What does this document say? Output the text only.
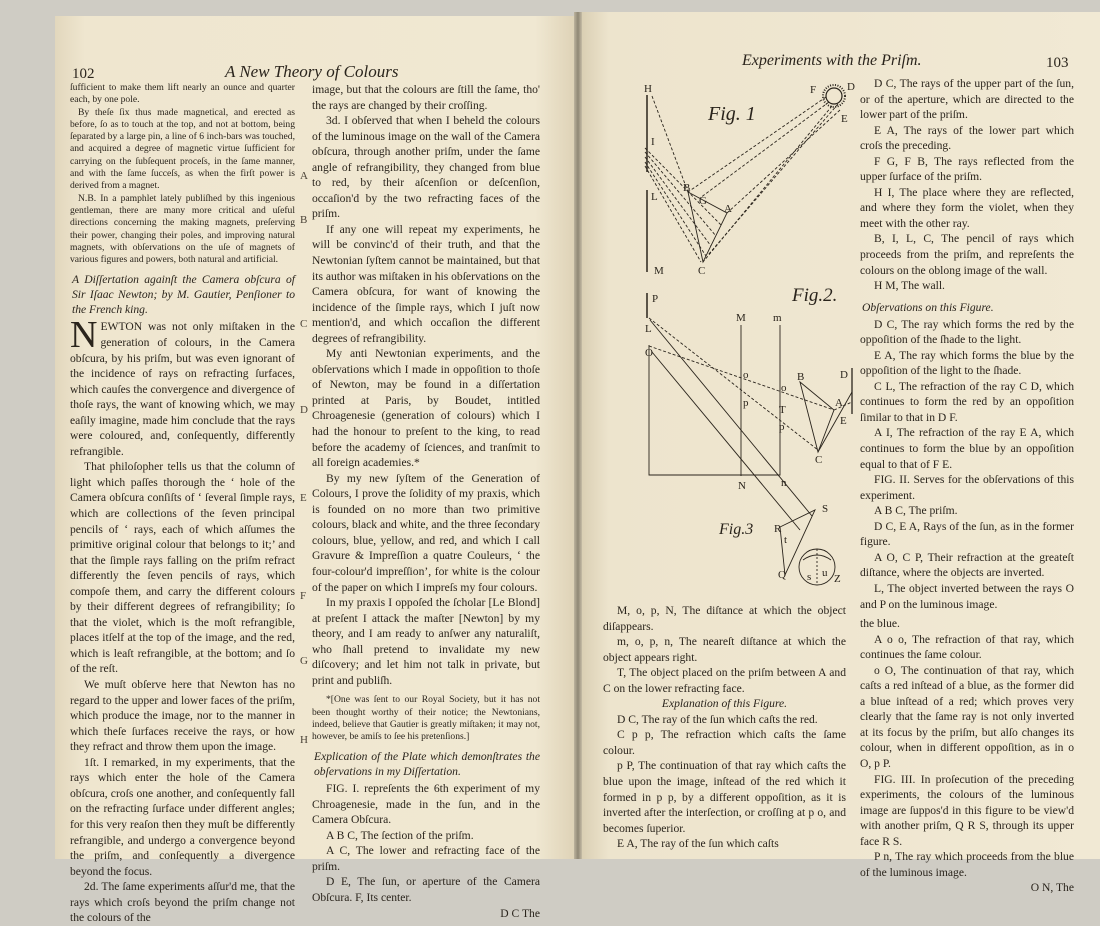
102	A New Theory of Colours
Experiments with the Priſm.	103

ſufficient to make them lift nearly an ounce and quarter each, by one pole.

By theſe ſix thus made magnetical, and erected as before, ſo as to touch at the top, and not at bottom, being ſeparated by a large pin, a line of 6 inch-bars was touched, and acquired a degree of magnetic virtue ſufficient for carrying on the ſubſequent proceſs, in the ſame manner, and with the ſame ſucceſs, as when the firſt power is derived from a magnet.

N.B. In a pamphlet lately publiſhed by this ingenious gentleman, there are many more critical and uſeful directions concerning the making magnets, preſerving their power, changing their poles, and improving natural magnets, with obſervations on the uſe of magnets of various figures and powers, both natural and artificial.

A Diſſertation againſt the Camera obſcura of Sir Iſaac Newton; by M. Gautier, Penſioner to the French king.

NEWTON was not only miſtaken in the generation of colours, in the Camera obſcura, by his priſm, but was even ignorant of the incidence of rays on refracting ſurfaces, which cauſes the convergence and divergence of thoſe rays, the want of knowing which, we may eaſily imagine, made him conclude that the rays were coloured, and, conſequently, differently refrangible.

That philoſopher tells us that the column of light which paſſes thorough the ‘ hole of the Camera obſcura conſiſts of ‘ ſeveral ſimple rays, which are collections of the ſeven principal pencils of ‘ rays, each of which aſſumes the primitive original colour that belongs to it;’ and that the ſimple rays falling on the priſm refract differently the ſeven pencils of rays, which compoſe them, and carry the different colours by their different degrees of refrangibility; ſo that the violet, which is the moſt refrangible, places itſelf at the top of the image, and the red, which is leaſt refrangible, at the bottom; and ſo of the reſt.

We muſt obſerve here that Newton has no regard to the upper and lower faces of the priſm, which produce the image, nor to the manner in which theſe ſurfaces receive the rays, or how they refract and throw them upon the image.

1ſt. I remarked, in my experiments, that the rays which enter the hole of the Camera obſcura, croſs one another, and conſequently fall on the refracting ſurface under different angles; for this very reaſon then they muſt be differently refrangible, and undergo a convergence beyond the priſm, and conſequently a divergence beyond the focus.

2d. The ſame experiments aſſur'd me, that the rays which croſs beyond the priſm change not the colours of the

image, but that the colours are ſtill the ſame, tho' the rays are changed by their croſſing.

3d. I obſerved that when I beheld the colours of the luminous image on the wall of the Camera obſcura, through another priſm, under the ſame angle of refrangibility, they changed from blue to red, by their aſcenſion or deſcenſion, occaſion'd by the two refracting faces of the priſm.

If any one will repeat my experiments, he will be convinc'd of their truth, and that the Newtonian ſyſtem cannot be maintained, but that its author was miſtaken in his obſervations on the Camera obſcura, for want of knowing the incidence of the ſimple rays, which I juſt now mention'd, and which occaſion the different degrees of refrangibility.

My anti Newtonian experiments, and the obſervations which I made in oppoſition to thoſe of Newton, may be found in a diſſertation printed at Paris, by Boudet, intitled Chroagenesie (generation of colours) which I had the honour to preſent to the king, to read before the academy of ſciences, and tranſmit to all foreign academies.*

By my new ſyſtem of the Generation of Colours, I prove the ſolidity of my praxis, which is founded on no more than two primitive colours, black and white, and the three ſecondary colours, blue, yellow, and red, and which I call Gravure & Impreſſion a quatre Couleurs, ‘ the four-colour'd impreſſion’, for white is the colour of the paper on which I impreſs my four colours.

In my praxis I oppoſed the ſcholar [Le Blond] at preſent I attack the maſter [Newton] by my theory, and I am ready to anſwer any naturaliſt, who ſhall pretend to invalidate my new diſcovery; and let him not talk in private, but print and publiſh.

*[One was ſent to our Royal Society, but it has not been thought worthy of their notice; the Newtonians, indeed, believe that Gautier is greatly miſtaken; it may not, however, be amiſs to ſee his pretenſions.]

Explication of the Plate which demonſtrates the obſervations in my Diſſertation.

FIG. I. repreſents the 6th experiment of my Chroagenesie, made in the ſun, and in the Camera Obſcura.

A B C, The ſection of the priſm.

A C, The lower and refracting face of the priſm.

D E, The ſun, or aperture of the Camera Obſcura. F, Its center.

D C The

D C, The rays of the upper part of the ſun, or of the aperture, which are directed to the lower part of the priſm.

E A, The rays of the lower part which croſs the preceding.

F G, F B, The rays reflected from the upper ſurface of the priſm.

H I, The place where they are reflected, and where they form the violet, when they meet with the other ray.

B, I, L, C, The pencil of rays which proceeds from the priſm, and repreſents the colours on the oblong image of the wall.

H M, The wall.

Obſervations on this Figure.

D C, The ray which forms the red by the oppoſition of the ſhade to the light.

E A, The ray which forms the blue by the oppoſition of the light to the ſhade.

C L, The refraction of the ray C D, which continues to form the red by an oppoſition ſimilar to that in D F.

A I, The refraction of the ray E A, which continues to form the blue by an oppoſition equal to that of F E.

FIG. II. Serves for the obſervations of this experiment.

A B C, The priſm.

D C, E A, Rays of the ſun, as in the former figure.

A O, C P, Their refraction at the greateſt diſtance, where the objects are inverted.

L, The object inverted between the rays O and P on the luminous image.

the blue.

A o o, The refraction of that ray, which continues the ſame colour.

o O, The continuation of that ray, which caſts a red inſtead of a blue, as the former did a blue inſtead of a red; which proves very clearly that the ſame ray is not only inverted at its focus by the priſm, but alſo changes its colour, when in different oppoſition, as in o O, p P.

FIG. III. In proſecution of the preceding experiments, the colours of the luminous image are ſuppos'd in this figure to be view'd with another priſm, Q R S, through its upper face R S.

P n, The ray which proceeds from the blue of the luminous image.

O N, The

M, o, p, N, The diſtance at which the object diſappears.

m, o, p, n, The neareſt diſtance at which the object appears right.

T, The object placed on the priſm between A and C on the lower refracting face.

Explanation of this Figure.

D C, The ray of the ſun which caſts the red.

C p p, The refraction which caſts the ſame colour.

p P, The continuation of that ray which caſts the blue upon the image, inſtead of the red which it formed in p p, by a different oppoſition, as it is inverted after the interſection, or croſſing at p o, and becomes ſuperior.

E A, The ray of the ſun which caſts

A
B
C
D
E
F
G
H
Fig. 1
Fig.2.
Fig.3
H
I
L
M	C
B
G
A
F	D
E
P
L
O
M m
o
o
p
T
p
N	n
B
A
C
D
E
R
S
Q	Z
t
s u
